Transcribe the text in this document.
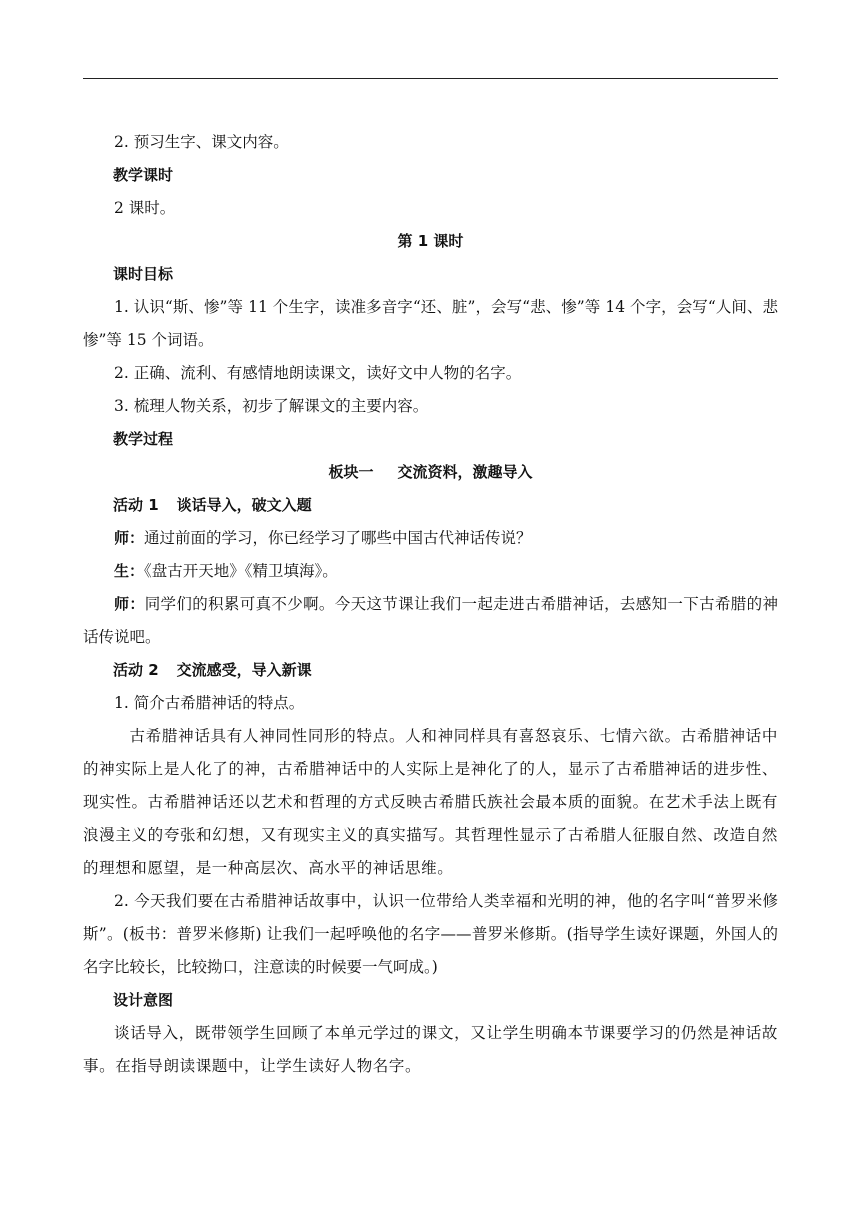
2. 预习生字、课文内容。

教学课时

2 课时。

第 1 课时

课时目标

1. 认识“斯、惨”等 11 个生字，读准多音字“还、脏”，会写“悲、惨”等 14 个字，会写“人间、悲惨”等 15 个词语。

2. 正确、流利、有感情地朗读课文，读好文中人物的名字。

3. 梳理人物关系，初步了解课文的主要内容。

教学过程

板块一 交流资料，激趣导入

活动 1 谈话导入，破文入题

师：通过前面的学习，你已经学习了哪些中国古代神话传说？

生：《盘古开天地》《精卫填海》。

师：同学们的积累可真不少啊。今天这节课让我们一起走进古希腊神话，去感知一下古希腊的神话传说吧。

活动 2 交流感受，导入新课

1. 简介古希腊神话的特点。

古希腊神话具有人神同性同形的特点。人和神同样具有喜怒哀乐、七情六欲。古希腊神话中的神实际上是人化了的神，古希腊神话中的人实际上是神化了的人，显示了古希腊神话的进步性、现实性。古希腊神话还以艺术和哲理的方式反映古希腊氏族社会最本质的面貌。在艺术手法上既有浪漫主义的夸张和幻想，又有现实主义的真实描写。其哲理性显示了古希腊人征服自然、改造自然的理想和愿望，是一种高层次、高水平的神话思维。

2. 今天我们要在古希腊神话故事中，认识一位带给人类幸福和光明的神，他的名字叫“普罗米修斯”。(板书：普罗米修斯) 让我们一起呼唤他的名字——普罗米修斯。(指导学生读好课题，外国人的名字比较长，比较拗口，注意读的时候要一气呵成。)

设计意图

谈话导入，既带领学生回顾了本单元学过的课文，又让学生明确本节课要学习的仍然是神话故事。在指导朗读课题中，让学生读好人物名字。
